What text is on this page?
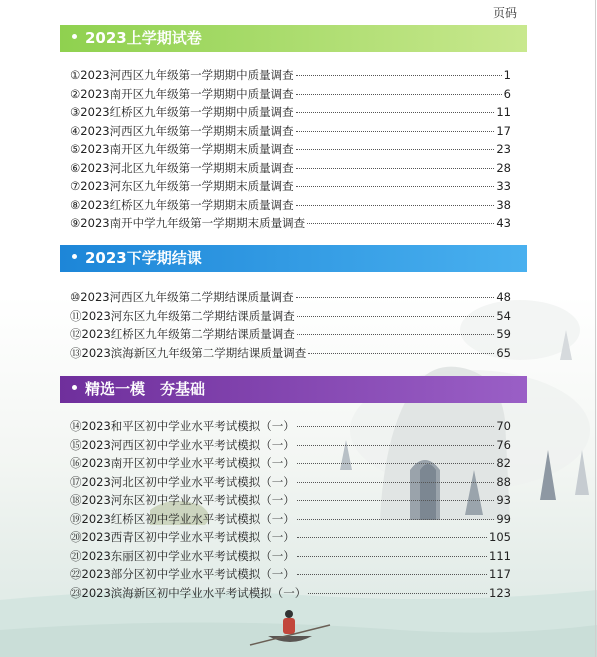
页码
2023上学期试卷
①2023河西区九年级第一学期期中质量调查	1
②2023南开区九年级第一学期期中质量调查	6
③2023红桥区九年级第一学期期中质量调查	11
④2023河西区九年级第一学期期末质量调查	17
⑤2023南开区九年级第一学期期末质量调查	23
⑥2023河北区九年级第一学期期末质量调查	28
⑦2023河东区九年级第一学期期末质量调查	33
⑧2023红桥区九年级第一学期期末质量调查	38
⑨2023南开中学九年级第一学期期末质量调查	43
2023下学期结课
⑩2023河西区九年级第二学期结课质量调查	48
⑪2023河东区九年级第二学期结课质量调查	54
⑫2023红桥区九年级第二学期结课质量调查	59
⑬2023滨海新区九年级第二学期结课质量调查	65
精选一模　夯基础
⑭2023和平区初中学业水平考试模拟（一）	70
⑮2023河西区初中学业水平考试模拟（一）	76
⑯2023南开区初中学业水平考试模拟（一）	82
⑰2023河北区初中学业水平考试模拟（一）	88
⑱2023河东区初中学业水平考试模拟（一）	93
⑲2023红桥区初中学业水平考试模拟（一）	99
⑳2023西青区初中学业水平考试模拟（一）	105
㉑2023东丽区初中学业水平考试模拟（一）	111
㉒2023部分区初中学业水平考试模拟（一）	117
㉓2023滨海新区初中学业水平考试模拟（一）	123
